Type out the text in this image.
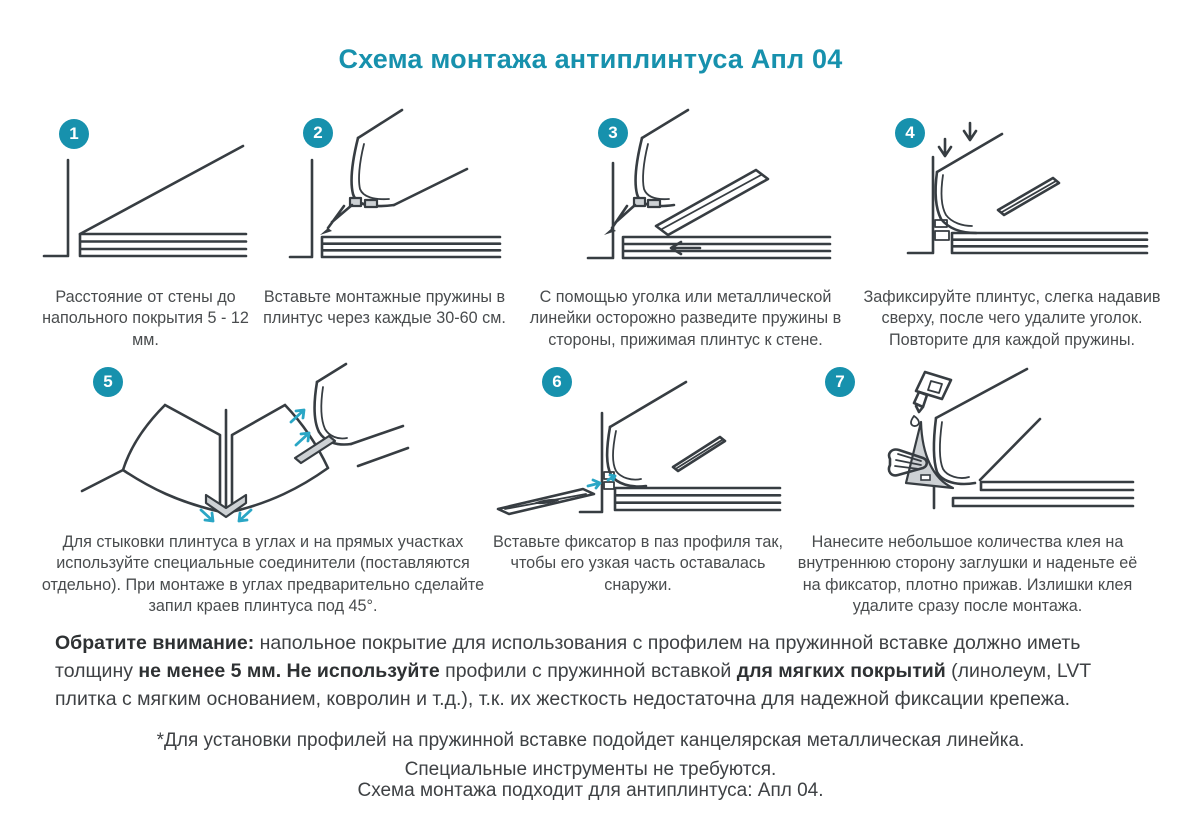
Схема монтажа антиплинтуса Апл 04
1

Расстояние от стены до напольного покрытия 5 - 12 мм.

2

Вставьте монтажные пружины в плинтус через каждые 30-60 см.

3

С помощью уголка или металлической линейки осторожно разведите пружины в стороны, прижимая плинтус к стене.

4

Зафиксируйте плинтус, слегка надавив сверху, после чего удалите уголок. Повторите для каждой пружины.

5

Для стыковки плинтуса в углах и на прямых участках используйте специальные соединители (поставляются отдельно). При монтаже в углах предварительно сделайте запил краев плинтуса под 45°.

6

Вставьте фиксатор в паз профиля так, чтобы его узкая часть оставалась снаружи.

7

Нанесите небольшое количества клея на внутреннюю сторону заглушки и наденьте её на фиксатор, плотно прижав. Излишки клея удалите сразу после монтажа.

Обратите внимание: напольное покрытие для использования с профилем на пружинной вставке должно иметь толщину не менее 5 мм. Не используйте профили с пружинной вставкой для мягких покрытий (линолеум, LVT плитка с мягким основанием, ковролин и т.д.), т.к. их жесткость недостаточна для надежной фиксации крепежа.

*Для установки профилей на пружинной вставке подойдет канцелярская металлическая линейка.
Специальные инструменты не требуются.

Схема монтажа подходит для антиплинтуса: Апл 04.
